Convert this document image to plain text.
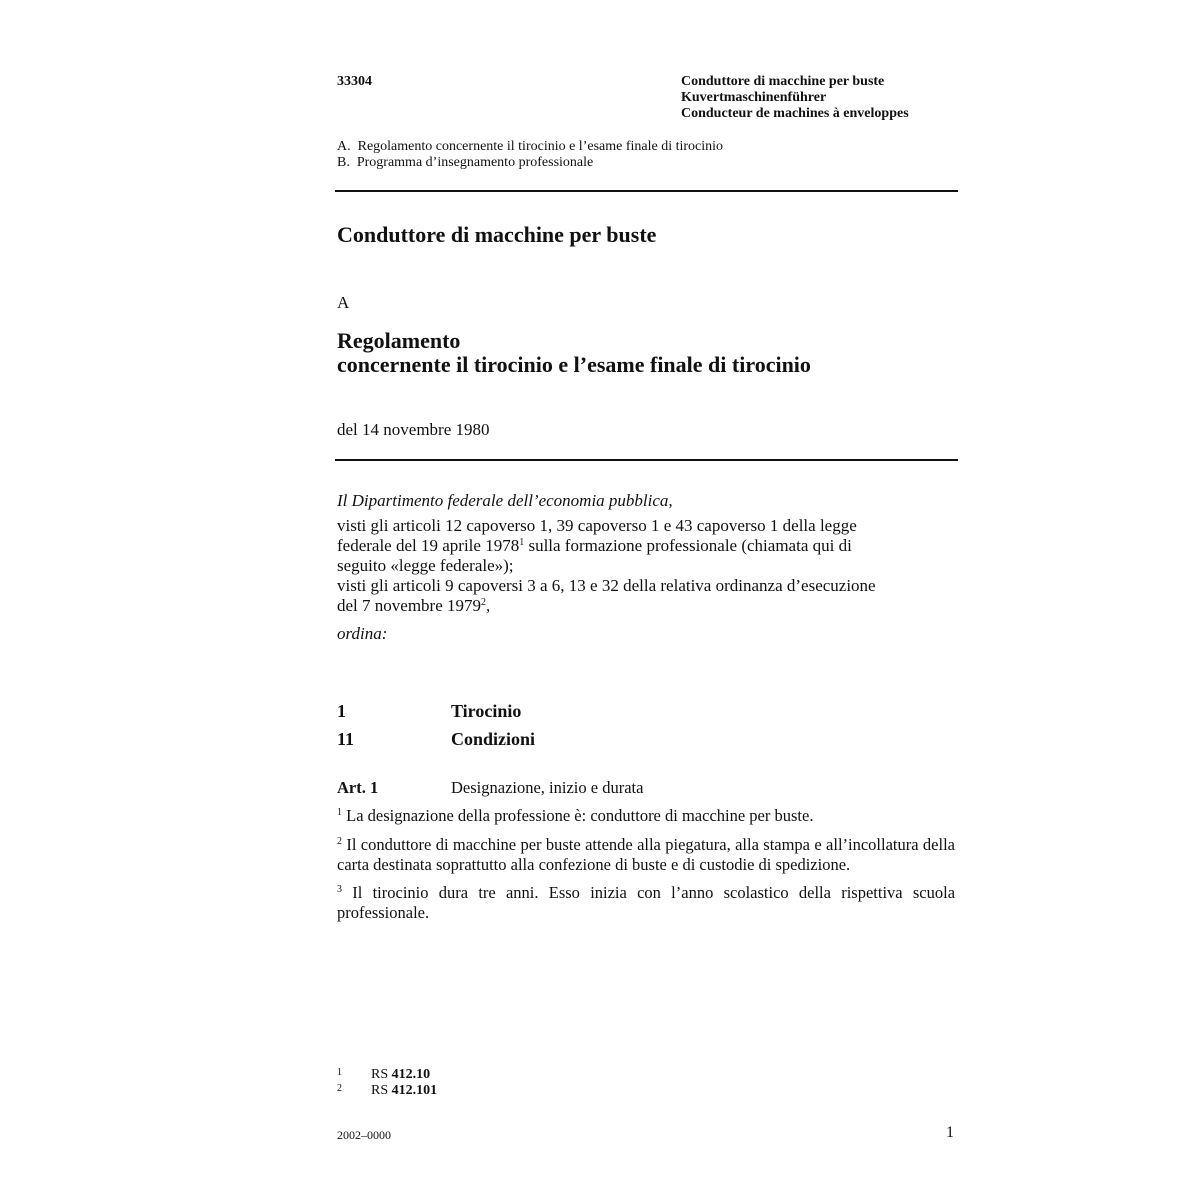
33304	Conduttore di macchine per buste
Kuvertmaschinenführer
Conducteur de machines à enveloppes
A.  Regolamento concernente il tirocinio e l’esame finale di tirocinio
B.  Programma d’insegnamento professionale
Conduttore di macchine per buste
A
Regolamento
concernente il tirocinio e l’esame finale di tirocinio
del 14 novembre 1980
Il Dipartimento federale dell’economia pubblica,
visti gli articoli 12 capoverso 1, 39 capoverso 1 e 43 capoverso 1 della legge
federale del 19 aprile 1978$^1$ sulla formazione professionale (chiamata qui di
seguito «legge federale»);
visti gli articoli 9 capoversi 3 a 6, 13 e 32 della relativa ordinanza d’esecuzione
del 7 novembre 1979$^2$,
ordina:
1	Tirocinio
11	Condizioni
Art. 1	Designazione, inizio e durata
$^1$ La designazione della professione è: conduttore di macchine per buste.
$^2$ Il conduttore di macchine per buste attende alla piegatura, alla stampa e all’incollatura della carta destinata soprattutto alla confezione di buste e di custodie di spedizione.
$^3$ Il tirocinio dura tre anni. Esso inizia con l’anno scolastico della rispettiva scuola professionale.
1 RS 412.10
2 RS 412.101
2002–0000	1
